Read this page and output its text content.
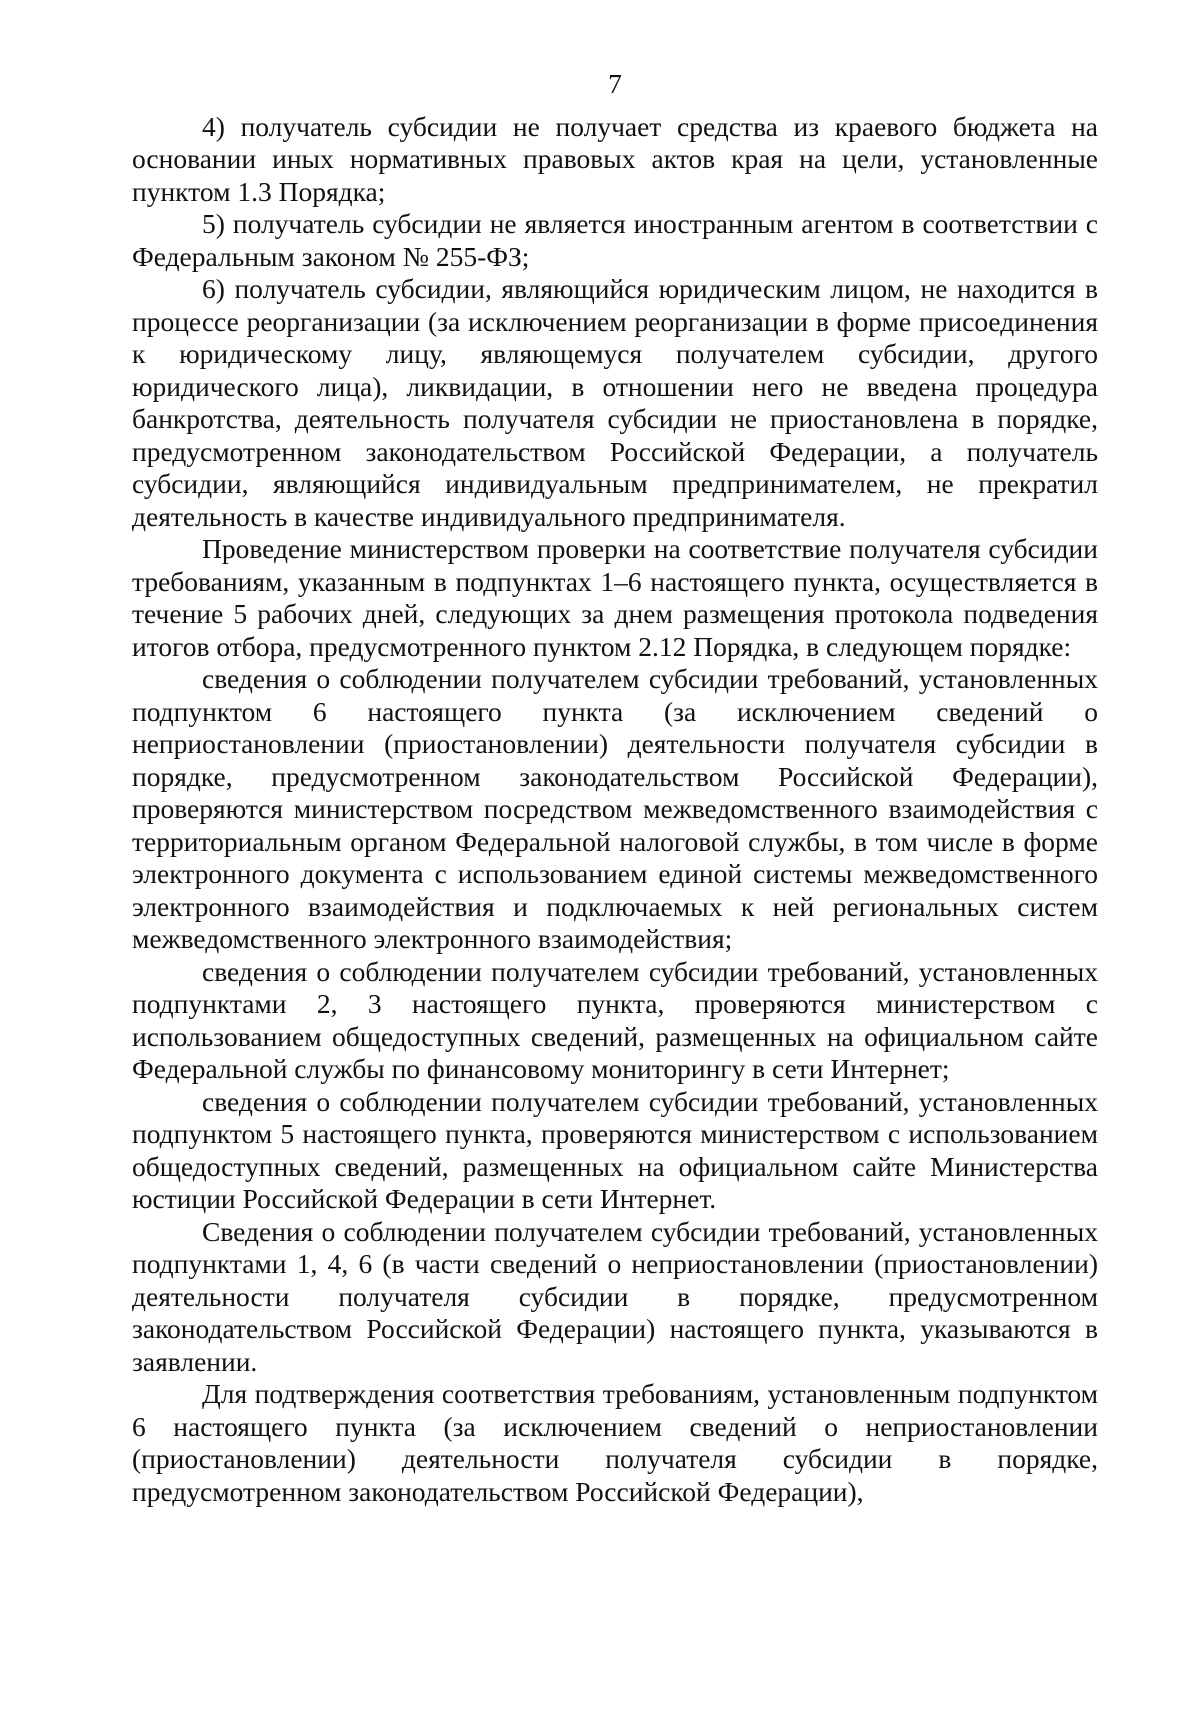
7

4) получатель субсидии не получает средства из краевого бюджета на основании иных нормативных правовых актов края на цели, установленные пунктом 1.3 Порядка;

5) получатель субсидии не является иностранным агентом в соответствии с Федеральным законом № 255-ФЗ;

6) получатель субсидии, являющийся юридическим лицом, не находится в процессе реорганизации (за исключением реорганизации в форме присоединения к юридическому лицу, являющемуся получателем субсидии, другого юридического лица), ликвидации, в отношении него не введена процедура банкротства, деятельность получателя субсидии не приостановлена в порядке, предусмотренном законодательством Российской Федерации, а получатель субсидии, являющийся индивидуальным предпринимателем, не прекратил деятельность в качестве индивидуального предпринимателя.

Проведение министерством проверки на соответствие получателя субсидии требованиям, указанным в подпунктах 1–6 настоящего пункта, осуществляется в течение 5 рабочих дней, следующих за днем размещения протокола подведения итогов отбора, предусмотренного пунктом 2.12 Порядка, в следующем порядке:

сведения о соблюдении получателем субсидии требований, установленных подпунктом 6 настоящего пункта (за исключением сведений о неприостановлении (приостановлении) деятельности получателя субсидии в порядке, предусмотренном законодательством Российской Федерации), проверяются министерством посредством межведомственного взаимодействия с территориальным органом Федеральной налоговой службы, в том числе в форме электронного документа с использованием единой системы межведомственного электронного взаимодействия и подключаемых к ней региональных систем межведомственного электронного взаимодействия;

сведения о соблюдении получателем субсидии требований, установленных подпунктами 2, 3 настоящего пункта, проверяются министерством с использованием общедоступных сведений, размещенных на официальном сайте Федеральной службы по финансовому мониторингу в сети Интернет;

сведения о соблюдении получателем субсидии требований, установленных подпунктом 5 настоящего пункта, проверяются министерством с использованием общедоступных сведений, размещенных на официальном сайте Министерства юстиции Российской Федерации в сети Интернет.

Сведения о соблюдении получателем субсидии требований, установленных подпунктами 1, 4, 6 (в части сведений о неприостановлении (приостановлении) деятельности получателя субсидии в порядке, предусмотренном законодательством Российской Федерации) настоящего пункта, указываются в заявлении.

Для подтверждения соответствия требованиям, установленным подпунктом 6 настоящего пункта (за исключением сведений о неприостановлении (приостановлении) деятельности получателя субсидии в порядке, предусмотренном законодательством Российской Федерации),
